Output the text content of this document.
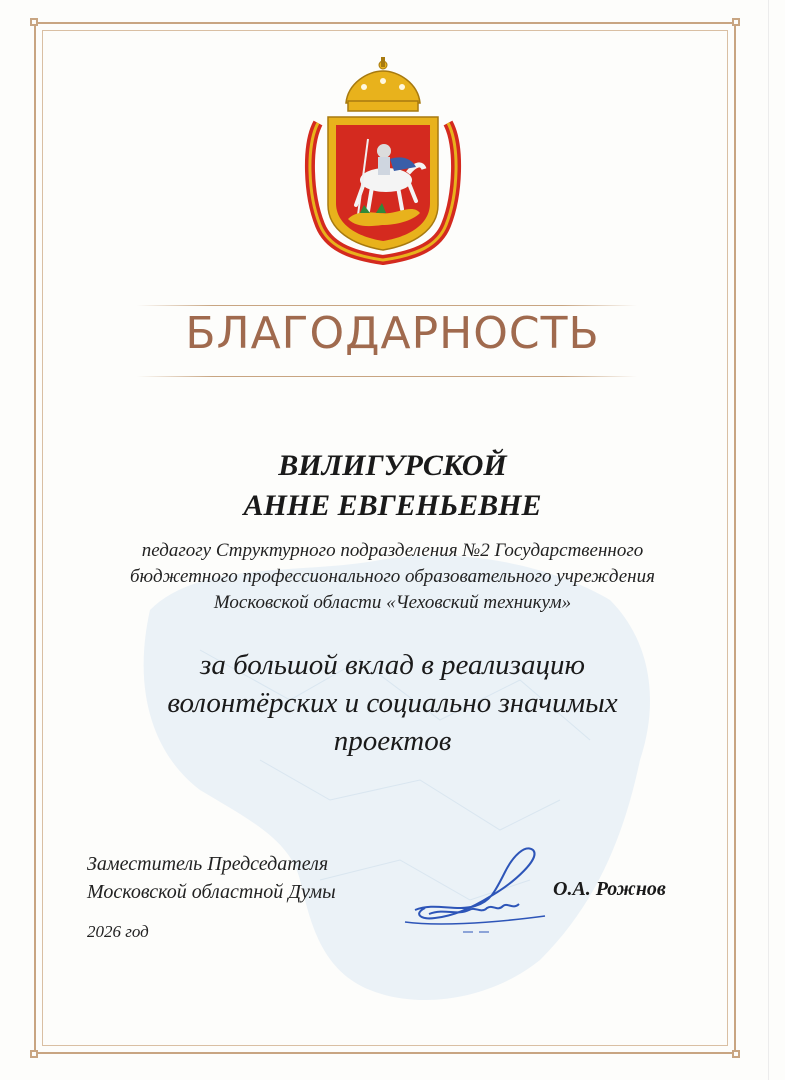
БЛАГОДАРНОСТЬ
ВИЛИГУРСКОЙ
АННЕ ЕВГЕНЬЕВНЕ
педагогу Структурного подразделения №2 Государственного
бюджетного профессионального образовательного учреждения
Московской области «Чеховский техникум»
за большой вклад в реализацию
волонтёрских и социально значимых
проектов
Заместитель Председателя
Московской областной Думы	О.А. Рожнов
2026 год
